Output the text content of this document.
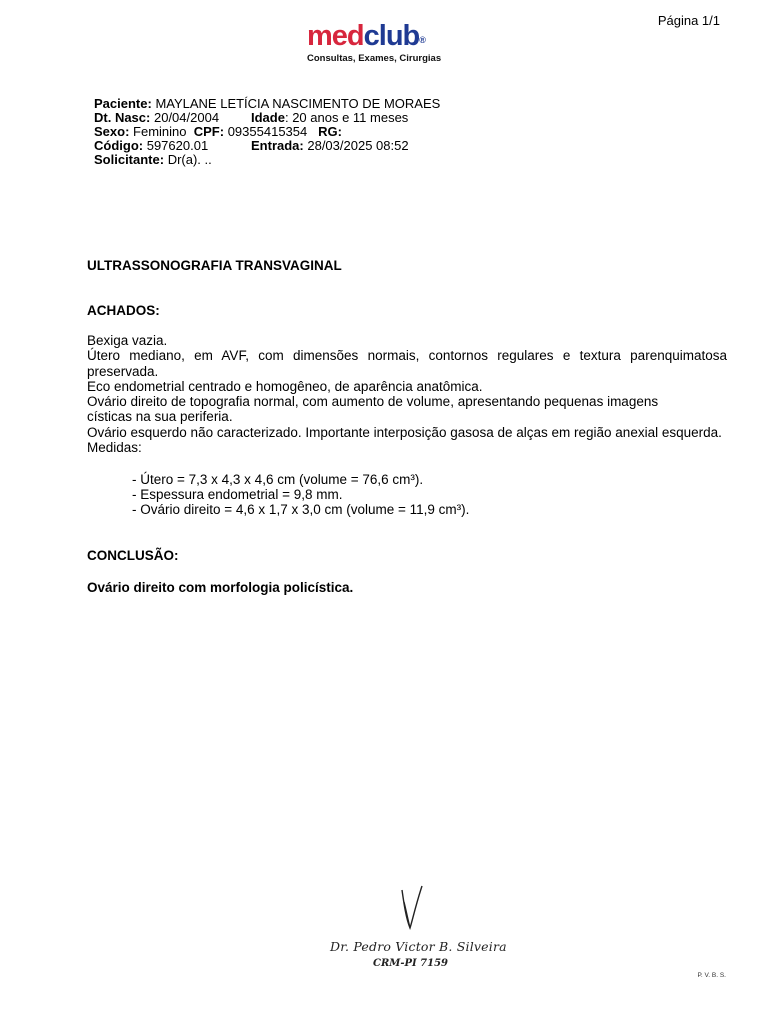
Página 1/1
medclub®
Consultas, Exames, Cirurgias
Paciente: MAYLANE LETÍCIA NASCIMENTO DE MORAES
Dt. Nasc: 20/04/2004 Idade: 20 anos e 11 meses
Sexo: Feminino CPF: 09355415354 RG:
Código: 597620.01	Entrada: 28/03/2025 08:52
Solicitante: Dr(a). ..
ULTRASSONOGRAFIA TRANSVAGINAL
ACHADOS:
Bexiga vazia.
Útero mediano, em AVF, com dimensões normais, contornos regulares e textura parenquimatosa preservada.
Eco endometrial centrado e homogêneo, de aparência anatômica.
Ovário direito de topografia normal, com aumento de volume, apresentando pequenas imagens císticas na sua periferia.
Ovário esquerdo não caracterizado. Importante interposição gasosa de alças em região anexial esquerda.
Medidas:
- Útero = 7,3 x 4,3 x 4,6 cm (volume = 76,6 cm³).
- Espessura endometrial = 9,8 mm.
- Ovário direito = 4,6 x 1,7 x 3,0 cm (volume = 11,9 cm³).
CONCLUSÃO:
Ovário direito com morfologia policística.
Dr. Pedro Victor B. Silveira
CRM-PI 7159
P. V. B. S.
